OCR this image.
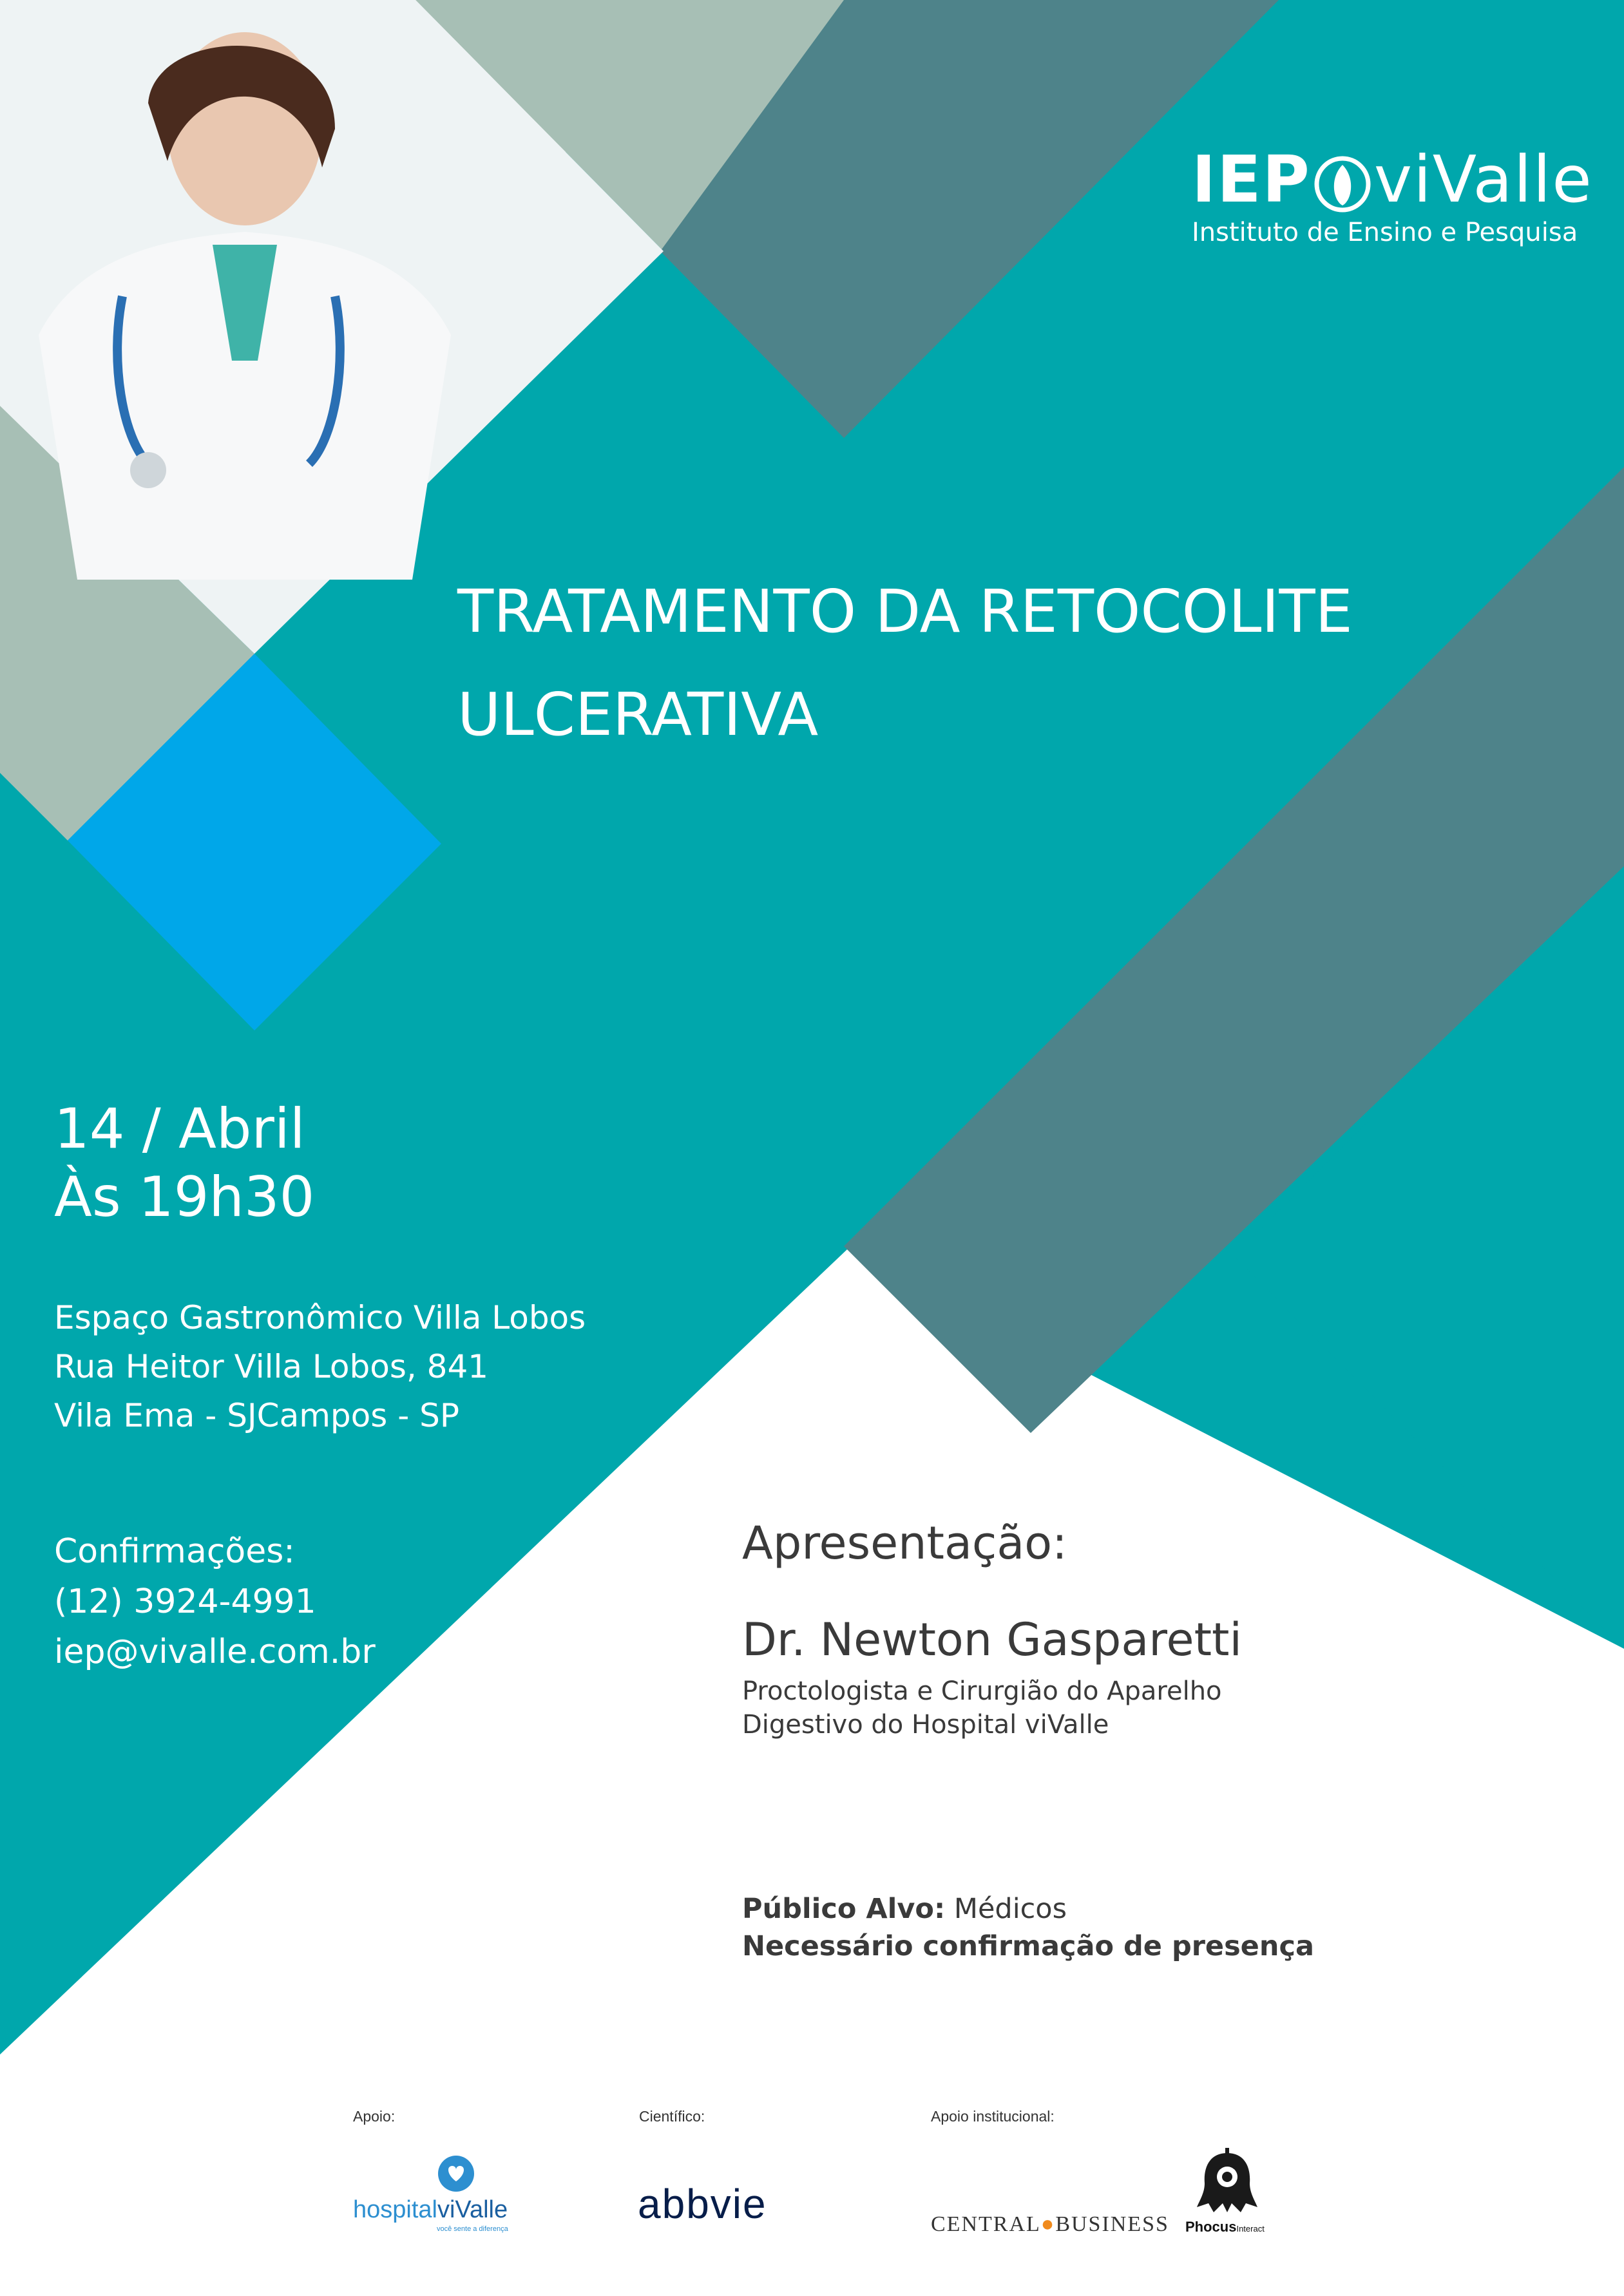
IEP viValle
Instituto de Ensino e Pesquisa
TRATAMENTO DA RETOCOLITE
ULCERATIVA
14 / Abril
Às 19h30
Espaço Gastronômico Villa Lobos
Rua Heitor Villa Lobos, 841
Vila Ema - SJCampos - SP
Confirmações:
(12) 3924-4991
iep@vivalle.com.br
Apresentação:
Dr. Newton Gasparetti
Proctologista e Cirurgião do Aparelho
Digestivo do Hospital viValle
Público Alvo: Médicos
Necessário confirmação de presença
Apoio:	Científico:	Apoio institucional:
hospitalviValle
você sente a diferença
abbvie	CENTRAL●BUSINESS PhocusInteract
